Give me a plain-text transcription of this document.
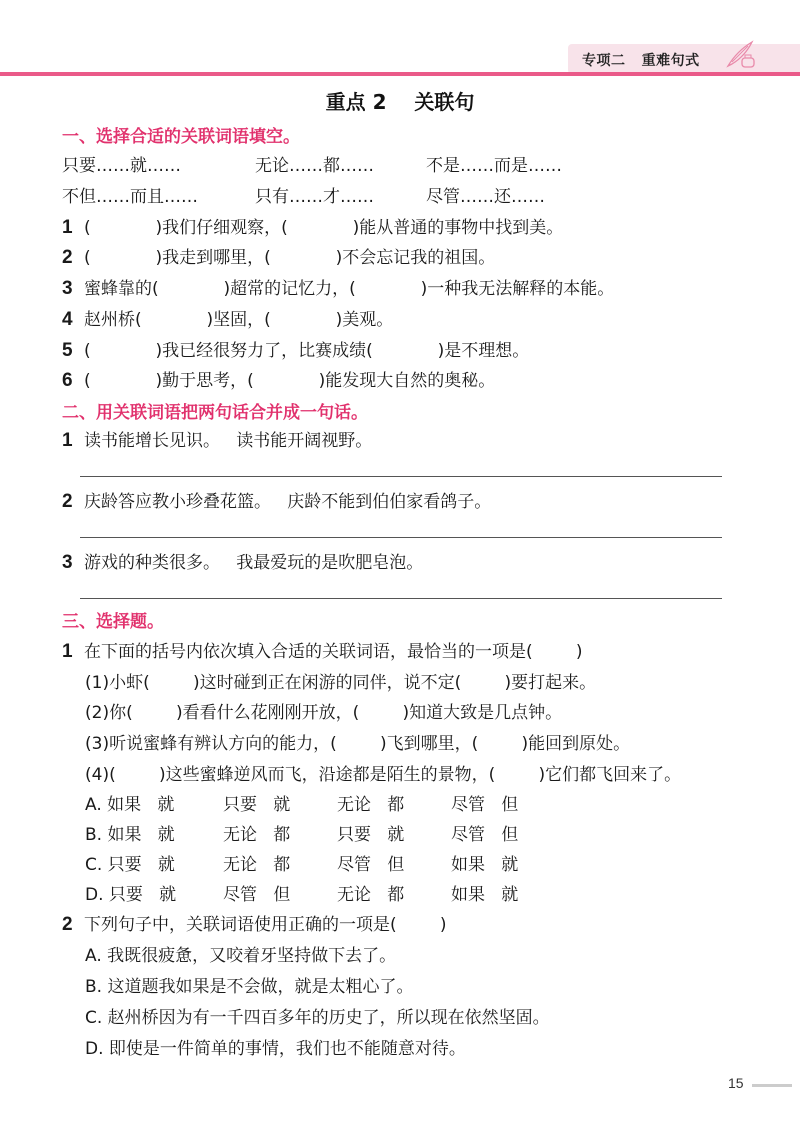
专项二   重难句式
重点 2    关联句
一、选择合适的关联词语填空。
只要……就……	无论……都……	不是……而是……
不但……而且……	只有……才……	尽管……还……
1 (            )我们仔细观察，(            )能从普通的事物中找到美。
2 (            )我走到哪里，(            )不会忘记我的祖国。
3 蜜蜂靠的(            )超常的记忆力，(            )一种我无法解释的本能。
4 赵州桥(            )坚固，(            )美观。
5 (            )我已经很努力了，比赛成绩(            )是不理想。
6 (            )勤于思考，(            )能发现大自然的奥秘。
二、用关联词语把两句话合并成一句话。
1 读书能增长见识。   读书能开阔视野。
2 庆龄答应教小珍叠花篮。   庆龄不能到伯伯家看鸽子。
3 游戏的种类很多。   我最爱玩的是吹肥皂泡。
三、选择题。
1 在下面的括号内依次填入合适的关联词语，最恰当的一项是(        )
(1)小虾(        )这时碰到正在闲游的同伴，说不定(        )要打起来。
(2)你(        )看看什么花刚刚开放，(        )知道大致是几点钟。
(3)听说蜜蜂有辨认方向的能力，(        )飞到哪里，(        )能回到原处。
(4)(        )这些蜜蜂逆风而飞，沿途都是陌生的景物，(        )它们都飞回来了。
A. 如果   就	只要   就	无论   都	尽管   但
B. 如果   就	无论   都	只要   就	尽管   但
C. 只要   就	无论   都	尽管   但	如果   就
D. 只要   就	尽管   但	无论   都	如果   就
2 下列句子中，关联词语使用正确的一项是(        )
A. 我既很疲惫，又咬着牙坚持做下去了。
B. 这道题我如果是不会做，就是太粗心了。
C. 赵州桥因为有一千四百多年的历史了，所以现在依然坚固。
D. 即使是一件简单的事情，我们也不能随意对待。
15
